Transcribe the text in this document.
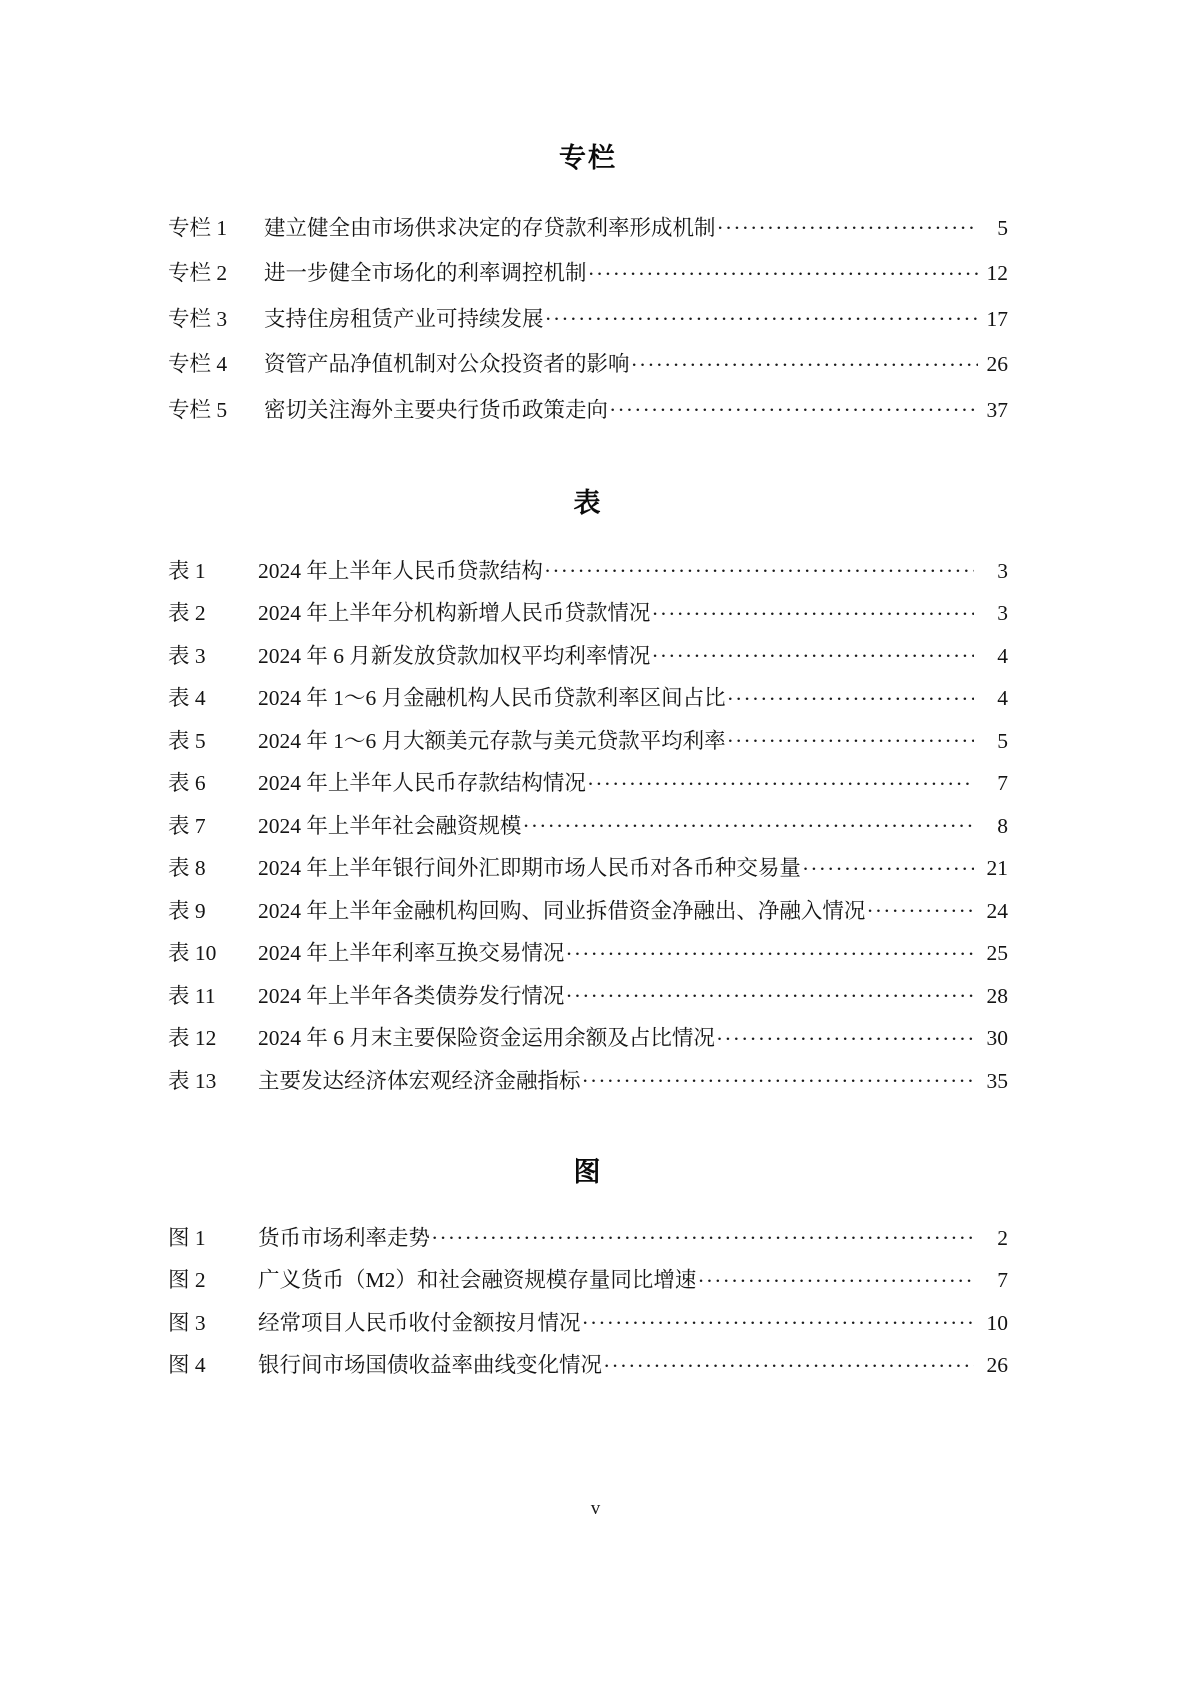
专栏
专栏 1	建立健全由市场供求决定的存贷款利率形成机制 .....	5
专栏 2	进一步健全市场化的利率调控机制 .....	12
专栏 3	支持住房租赁产业可持续发展 .....	17
专栏 4	资管产品净值机制对公众投资者的影响 .....	26
专栏 5	密切关注海外主要央行货币政策走向 .....	37
表
表 1	2024 年上半年人民币贷款结构 .....	3
表 2	2024 年上半年分机构新增人民币贷款情况 .....	3
表 3	2024 年 6 月新发放贷款加权平均利率情况 .....	4
表 4	2024 年 1～6 月金融机构人民币贷款利率区间占比 .....	4
表 5	2024 年 1～6 月大额美元存款与美元贷款平均利率 .....	5
表 6	2024 年上半年人民币存款结构情况 .....	7
表 7	2024 年上半年社会融资规模 .....	8
表 8	2024 年上半年银行间外汇即期市场人民币对各币种交易量 .....	21
表 9	2024 年上半年金融机构回购、同业拆借资金净融出、净融入情况 .....	24
表 10	2024 年上半年利率互换交易情况 .....	25
表 11	2024 年上半年各类债券发行情况 .....	28
表 12	2024 年 6 月末主要保险资金运用余额及占比情况 .....	30
表 13	主要发达经济体宏观经济金融指标 .....	35
图
图 1	货币市场利率走势 .....	2
图 2	广义货币（M2）和社会融资规模存量同比增速 .....	7
图 3	经常项目人民币收付金额按月情况 .....	10
图 4	银行间市场国债收益率曲线变化情况 .....	26
v
